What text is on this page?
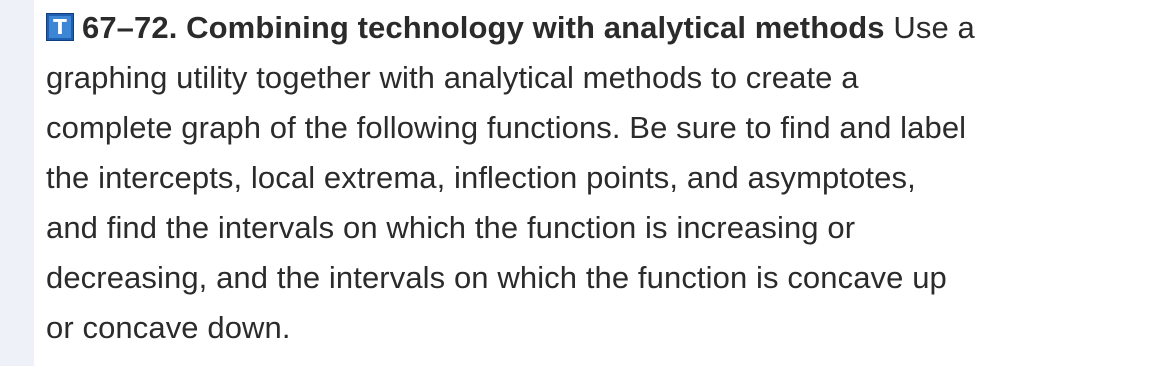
T 67–72. Combining technology with analytical methods Use a
graphing utility together with analytical methods to create a
complete graph of the following functions. Be sure to find and label
the intercepts, local extrema, inflection points, and asymptotes,
and find the intervals on which the function is increasing or
decreasing, and the intervals on which the function is concave up
or concave down.
